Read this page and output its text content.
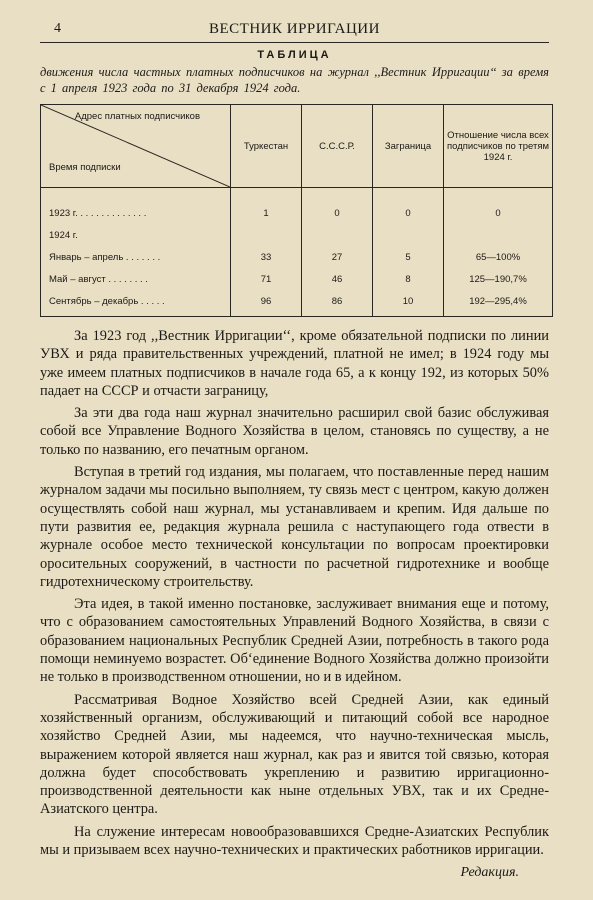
4	ВЕСТНИК ИРРИГАЦИИ
ТАБЛИЦА
движения числа частных платных подписчиков на журнал ,,Вестник Ирригации‘‘ за время с 1 апреля 1923 года по 31 декабря 1924 года.
Адрес платных подписчиков
Время подписки	Туркестан	С.С.С.Р.	Заграница	Отношение числа всех подписчиков по третям 1924 г.
1923 г. . . . . . . . . . . . . .	1	0	0	0
1924 г.				
Январь – апрель . . . . . . .	33	27	5	65—100%
Май – август . . . . . . . .	71	46	8	125—190,7%
Сентябрь – декабрь . . . . .	96	86	10	192—295,4%

За 1923 год ,,Вестник Ирригации‘‘, кроме обязательной подписки по линии УВХ и ряда правительственных учреждений, платной не имел; в 1924 году мы уже имеем платных подписчиков в начале года 65, а к концу 192, из которых 50% падает на СССР и отчасти заграницу,

За эти два года наш журнал значительно расширил свой базис обслуживая собой все Управление Водного Хозяйства в целом, становясь по существу, а не только по названию, его печатным органом.

Вступая в третий год издания, мы полагаем, что поставленные перед нашим журналом задачи мы посильно выполняем, ту связь мест с центром, какую должен осуществлять собой наш журнал, мы устанавливаем и крепим. Идя дальше по пути развития ее, редакция журнала решила с наступающего года отвести в журнале особое место технической консультации по вопросам проектировки оросительных сооружений, в частности по расчетной гидротехнике и вообще гидротехническому строительству.

Эта идея, в такой именно постановке, заслуживает внимания еще и потому, что с образованием самостоятельных Управлений Водного Хозяйства, в связи с образованием национальных Республик Средней Азии, потребность в такого рода помощи неминуемо возрастет. Об‘единение Водного Хозяйства должно произойти не только в производственном отношении, но и в идейном.

Рассматривая Водное Хозяйство всей Средней Азии, как единый хозяйственный организм, обслуживающий и питающий собой все народное хозяйство Средней Азии, мы надеемся, что научно-техническая мысль, выражением которой является наш журнал, как раз и явится той связью, которая должна будет способствовать укреплению и развитию ирригационно-производственной деятельности как ныне отдельных УВХ, так и их Средне-Азиатского центра.

На служение интересам новообразовавшихся Средне-Азиатских Республик мы и призываем всех научно-технических и практических работников ирригации.

Редакция.
